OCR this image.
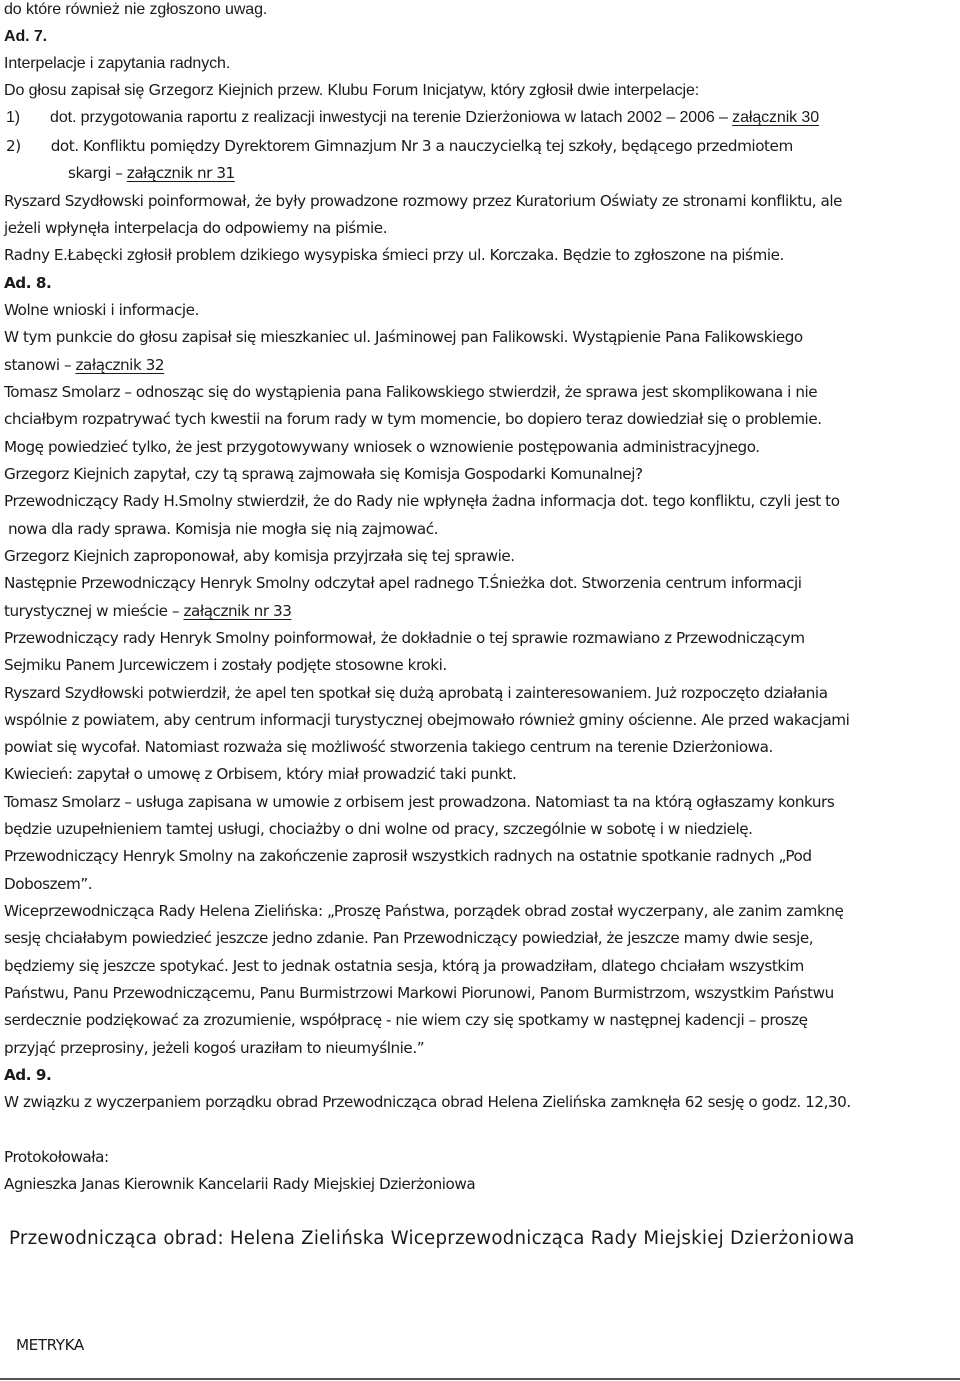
do które również nie zgłoszono uwag.
Ad. 7.
Interpelacje i zapytania radnych.
Do głosu zapisał się Grzegorz Kiejnich przew. Klubu Forum Inicjatyw, który zgłosił dwie interpelacje:
1) dot. przygotowania raportu z realizacji inwestycji na terenie Dzierżoniowa w latach 2002 – 2006 – załącznik 30
2) dot. Konfliktu pomiędzy Dyrektorem Gimnazjum Nr 3 a nauczycielką tej szkoły, będącego przedmiotem
skargi – załącznik nr 31
Ryszard Szydłowski poinformował, że były prowadzone rozmowy przez Kuratorium Oświaty ze stronami konfliktu, ale
jeżeli wpłynęła interpelacja do odpowiemy na piśmie.
Radny E.Łabęcki zgłosił problem dzikiego wysypiska śmieci przy ul. Korczaka. Będzie to zgłoszone na piśmie.
Ad. 8.
Wolne wnioski i informacje.
W tym punkcie do głosu zapisał się mieszkaniec ul. Jaśminowej pan Falikowski. Wystąpienie Pana Falikowskiego
stanowi – załącznik 32
Tomasz Smolarz – odnosząc się do wystąpienia pana Falikowskiego stwierdził, że sprawa jest skomplikowana i nie
chciałbym rozpatrywać tych kwestii na forum rady w tym momencie, bo dopiero teraz dowiedział się o problemie.
Mogę powiedzieć tylko, że jest przygotowywany wniosek o wznowienie postępowania administracyjnego.
Grzegorz Kiejnich zapytał, czy tą sprawą zajmowała się Komisja Gospodarki Komunalnej?
Przewodniczący Rady H.Smolny stwierdził, że do Rady nie wpłynęła żadna informacja dot. tego konfliktu, czyli jest to
nowa dla rady sprawa. Komisja nie mogła się nią zajmować.
Grzegorz Kiejnich zaproponował, aby komisja przyjrzała się tej sprawie.
Następnie Przewodniczący Henryk Smolny odczytał apel radnego T.Śnieżka dot. Stworzenia centrum informacji
turystycznej w mieście – załącznik nr 33
Przewodniczący rady Henryk Smolny poinformował, że dokładnie o tej sprawie rozmawiano z Przewodniczącym
Sejmiku Panem Jurcewiczem i zostały podjęte stosowne kroki.
Ryszard Szydłowski potwierdził, że apel ten spotkał się dużą aprobatą i zainteresowaniem. Już rozpoczęto działania
wspólnie z powiatem, aby centrum informacji turystycznej obejmowało również gminy ościenne. Ale przed wakacjami
powiat się wycofał. Natomiast rozważa się możliwość stworzenia takiego centrum na terenie Dzierżoniowa.
Kwiecień: zapytał o umowę z Orbisem, który miał prowadzić taki punkt.
Tomasz Smolarz – usługa zapisana w umowie z orbisem jest prowadzona. Natomiast ta na którą ogłaszamy konkurs
będzie uzupełnieniem tamtej usługi, chociażby o dni wolne od pracy, szczególnie w sobotę i w niedzielę.
Przewodniczący Henryk Smolny na zakończenie zaprosił wszystkich radnych na ostatnie spotkanie radnych „Pod
Doboszem”.
Wiceprzewodnicząca Rady Helena Zielińska: „Proszę Państwa, porządek obrad został wyczerpany, ale zanim zamknę
sesję chciałabym powiedzieć jeszcze jedno zdanie. Pan Przewodniczący powiedział, że jeszcze mamy dwie sesje,
będziemy się jeszcze spotykać. Jest to jednak ostatnia sesja, którą ja prowadziłam, dlatego chciałam wszystkim
Państwu, Panu Przewodniczącemu, Panu Burmistrzowi Markowi Piorunowi, Panom Burmistrzom, wszystkim Państwu
serdecznie podziękować za zrozumienie, współpracę - nie wiem czy się spotkamy w następnej kadencji – proszę
przyjąć przeprosiny, jeżeli kogoś uraziłam to nieumyślnie.”
Ad. 9.
W związku z wyczerpaniem porządku obrad Przewodnicząca obrad Helena Zielińska zamknęła 62 sesję o godz. 12,30.
Protokołowała:
Agnieszka Janas Kierownik Kancelarii Rady Miejskiej Dzierżoniowa
Przewodnicząca obrad: Helena Zielińska Wiceprzewodnicząca Rady Miejskiej Dzierżoniowa
METRYKA
